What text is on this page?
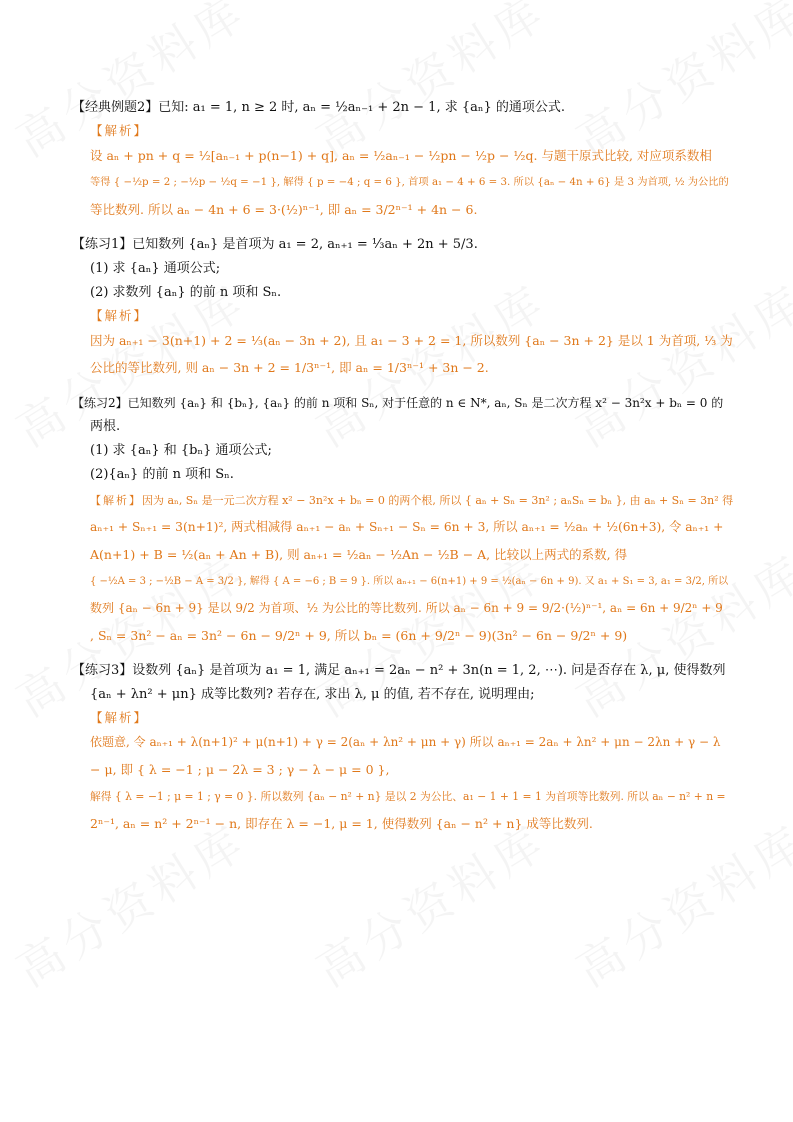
【经典例题2】已知: a₁ = 1, n ≥ 2 时, aₙ = ½aₙ₋₁ + 2n − 1, 求 {aₙ} 的通项公式.
【解析】
设 aₙ + pn + q = ½[aₙ₋₁ + p(n−1) + q], aₙ = ½aₙ₋₁ − ½pn − ½p − ½q. 与题干原式比较, 对应项系数相
等得 { −½p = 2 ; −½p − ½q = −1 }, 解得 { p = −4 ; q = 6 }, 首项 a₁ − 4 + 6 = 3. 所以 {aₙ − 4n + 6} 是 3 为首项, ½ 为公比的
等比数列. 所以 aₙ − 4n + 6 = 3·(½)ⁿ⁻¹, 即 aₙ = 3/2ⁿ⁻¹ + 4n − 6.
【练习1】已知数列 {aₙ} 是首项为 a₁ = 2, aₙ₊₁ = ⅓aₙ + 2n + 5/3.
(1) 求 {aₙ} 通项公式;
(2) 求数列 {aₙ} 的前 n 项和 Sₙ.
【解析】
因为 aₙ₊₁ − 3(n+1) + 2 = ⅓(aₙ − 3n + 2), 且 a₁ − 3 + 2 = 1, 所以数列 {aₙ − 3n + 2} 是以 1 为首项, ⅓ 为
公比的等比数列, 则 aₙ − 3n + 2 = 1/3ⁿ⁻¹, 即 aₙ = 1/3ⁿ⁻¹ + 3n − 2.
【练习2】已知数列 {aₙ} 和 {bₙ}, {aₙ} 的前 n 项和 Sₙ, 对于任意的 n ∈ N*, aₙ, Sₙ 是二次方程 x² − 3n²x + bₙ = 0 的
两根.
(1) 求 {aₙ} 和 {bₙ} 通项公式;
(2){aₙ} 的前 n 项和 Sₙ.
【解析】因为 aₙ, Sₙ 是一元二次方程 x² − 3n²x + bₙ = 0 的两个根, 所以 { aₙ + Sₙ = 3n² ; aₙSₙ = bₙ }, 由 aₙ + Sₙ = 3n² 得
aₙ₊₁ + Sₙ₊₁ = 3(n+1)², 两式相减得 aₙ₊₁ − aₙ + Sₙ₊₁ − Sₙ = 6n + 3, 所以 aₙ₊₁ = ½aₙ + ½(6n+3), 令 aₙ₊₁ +
A(n+1) + B = ½(aₙ + An + B), 则 aₙ₊₁ = ½aₙ − ½An − ½B − A, 比较以上两式的系数, 得
{ −½A = 3 ; −½B − A = 3/2 }, 解得 { A = −6 ; B = 9 }. 所以 aₙ₊₁ − 6(n+1) + 9 = ½(aₙ − 6n + 9). 又 a₁ + S₁ = 3, a₁ = 3/2, 所以
数列 {aₙ − 6n + 9} 是以 9/2 为首项、½ 为公比的等比数列. 所以 aₙ − 6n + 9 = 9/2·(½)ⁿ⁻¹, aₙ = 6n + 9/2ⁿ + 9
, Sₙ = 3n² − aₙ = 3n² − 6n − 9/2ⁿ + 9, 所以 bₙ = (6n + 9/2ⁿ − 9)(3n² − 6n − 9/2ⁿ + 9)
【练习3】设数列 {aₙ} 是首项为 a₁ = 1, 满足 aₙ₊₁ = 2aₙ − n² + 3n(n = 1, 2, ⋯). 问是否存在 λ, μ, 使得数列
{aₙ + λn² + μn} 成等比数列? 若存在, 求出 λ, μ 的值, 若不存在, 说明理由;
【解析】
依题意, 令 aₙ₊₁ + λ(n+1)² + μ(n+1) + γ = 2(aₙ + λn² + μn + γ) 所以 aₙ₊₁ = 2aₙ + λn² + μn − 2λn + γ − λ
− μ, 即 { λ = −1 ; μ − 2λ = 3 ; γ − λ − μ = 0 },
解得 { λ = −1 ; μ = 1 ; γ = 0 }. 所以数列 {aₙ − n² + n} 是以 2 为公比、a₁ − 1 + 1 = 1 为首项等比数列. 所以 aₙ − n² + n =
2ⁿ⁻¹, aₙ = n² + 2ⁿ⁻¹ − n, 即存在 λ = −1, μ = 1, 使得数列 {aₙ − n² + n} 成等比数列.
